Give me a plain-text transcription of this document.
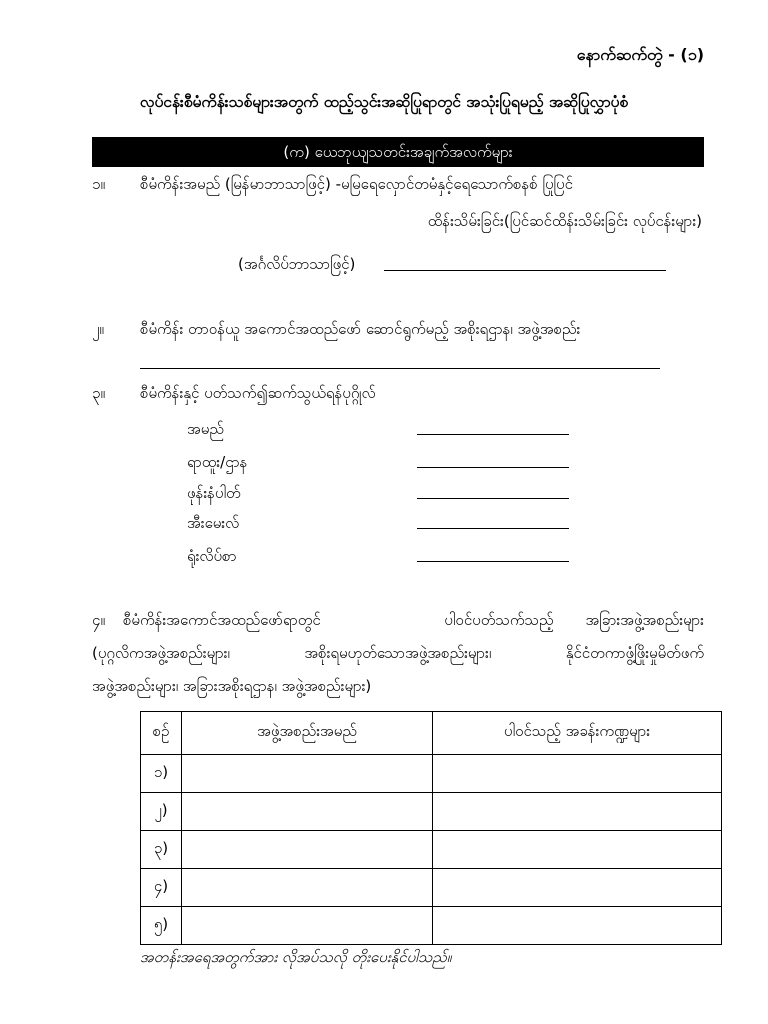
နောက်ဆက်တွဲ - (၁)
လုပ်ငန်းစီမံကိန်းသစ်များအတွက် ထည့်သွင်းအဆိုပြုရာတွင် အသုံးပြုရမည့် အဆိုပြုလွှာပုံစံ
(က) ယေဘုယျသတင်းအချက်အလက်များ
၁။ စီမံကိန်းအမည် (မြန်မာဘာသာဖြင့်) -မမြရေလှောင်တမံနှင့်ရေသောက်စနစ် ပြုပြင်
ထိန်းသိမ်းခြင်း(ပြင်ဆင်ထိန်းသိမ်းခြင်း လုပ်ငန်းများ)
(အင်္ဂလိပ်ဘာသာဖြင့်)
၂။ စီမံကိန်း တာဝန်ယူ အကောင်အထည်ဖော် ဆောင်ရွက်မည့် အစိုးရဌာန၊ အဖွဲ့အစည်း
၃။ စီမံကိန်းနှင့် ပတ်သက်၍ဆက်သွယ်ရန်ပုဂ္ဂိုလ်
အမည်
ရာထူး/ဌာန
ဖုန်းနံပါတ်
အီးမေးလ်
ရုံးလိပ်စာ
၄။ စီမံကိန်းအကောင်အထည်ဖော်ရာတွင်	ပါဝင်ပတ်သက်သည့် အခြားအဖွဲ့အစည်းများ
(ပုဂ္ဂလိကအဖွဲ့အစည်းများ၊	အစိုးရမဟုတ်သောအဖွဲ့အစည်းများ၊	နိုင်ငံတကာဖွံ့ဖြိုးမှုမိတ်ဖက်
အဖွဲ့အစည်းများ၊ အခြားအစိုးရဌာန၊ အဖွဲ့အစည်းများ)
စဉ်	အဖွဲ့အစည်းအမည်	ပါဝင်သည့် အခန်းကဏ္ဍများ
၁)		
၂)		
၃)		
၄)		
၅)		
အတန်းအရေအတွက်အား လိုအပ်သလို တိုးပေးနိုင်ပါသည်။
